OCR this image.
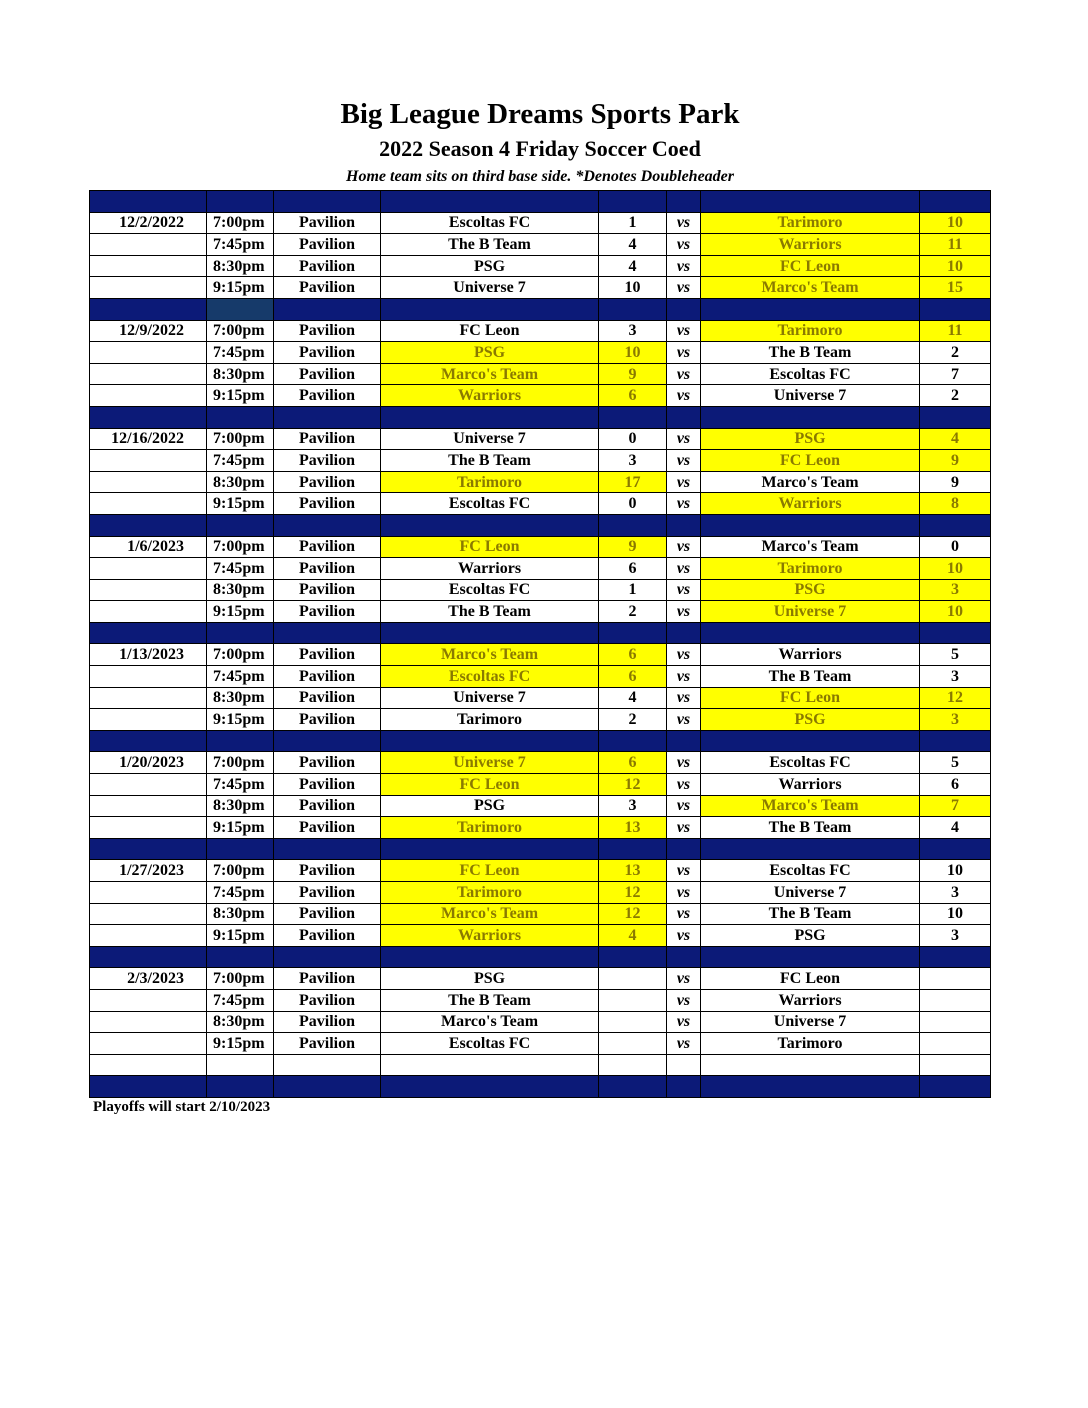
Big League Dreams Sports Park
2022 Season 4 Friday Soccer Coed
Home team sits on third base side. *Denotes Doubleheader

12/2/2022	7:00pm	Pavilion	Escoltas FC	1	vs	Tarimoro	10
	7:45pm	Pavilion	The B Team	4	vs	Warriors	11
	8:30pm	Pavilion	PSG	4	vs	FC Leon	10
	9:15pm	Pavilion	Universe 7	10	vs	Marco's Team	15

12/9/2022	7:00pm	Pavilion	FC Leon	3	vs	Tarimoro	11
	7:45pm	Pavilion	PSG	10	vs	The B Team	2
	8:30pm	Pavilion	Marco's Team	9	vs	Escoltas FC	7
	9:15pm	Pavilion	Warriors	6	vs	Universe 7	2

12/16/2022	7:00pm	Pavilion	Universe 7	0	vs	PSG	4
	7:45pm	Pavilion	The B Team	3	vs	FC Leon	9
	8:30pm	Pavilion	Tarimoro	17	vs	Marco's Team	9
	9:15pm	Pavilion	Escoltas FC	0	vs	Warriors	8

1/6/2023	7:00pm	Pavilion	FC Leon	9	vs	Marco's Team	0
	7:45pm	Pavilion	Warriors	6	vs	Tarimoro	10
	8:30pm	Pavilion	Escoltas FC	1	vs	PSG	3
	9:15pm	Pavilion	The B Team	2	vs	Universe 7	10

1/13/2023	7:00pm	Pavilion	Marco's Team	6	vs	Warriors	5
	7:45pm	Pavilion	Escoltas FC	6	vs	The B Team	3
	8:30pm	Pavilion	Universe 7	4	vs	FC Leon	12
	9:15pm	Pavilion	Tarimoro	2	vs	PSG	3

1/20/2023	7:00pm	Pavilion	Universe 7	6	vs	Escoltas FC	5
	7:45pm	Pavilion	FC Leon	12	vs	Warriors	6
	8:30pm	Pavilion	PSG	3	vs	Marco's Team	7
	9:15pm	Pavilion	Tarimoro	13	vs	The B Team	4

1/27/2023	7:00pm	Pavilion	FC Leon	13	vs	Escoltas FC	10
	7:45pm	Pavilion	Tarimoro	12	vs	Universe 7	3
	8:30pm	Pavilion	Marco's Team	12	vs	The B Team	10
	9:15pm	Pavilion	Warriors	4	vs	PSG	3

2/3/2023	7:00pm	Pavilion	PSG		vs	FC Leon	
	7:45pm	Pavilion	The B Team		vs	Warriors	
	8:30pm	Pavilion	Marco's Team		vs	Universe 7	
	9:15pm	Pavilion	Escoltas FC		vs	Tarimoro	

Playoffs will start 2/10/2023
